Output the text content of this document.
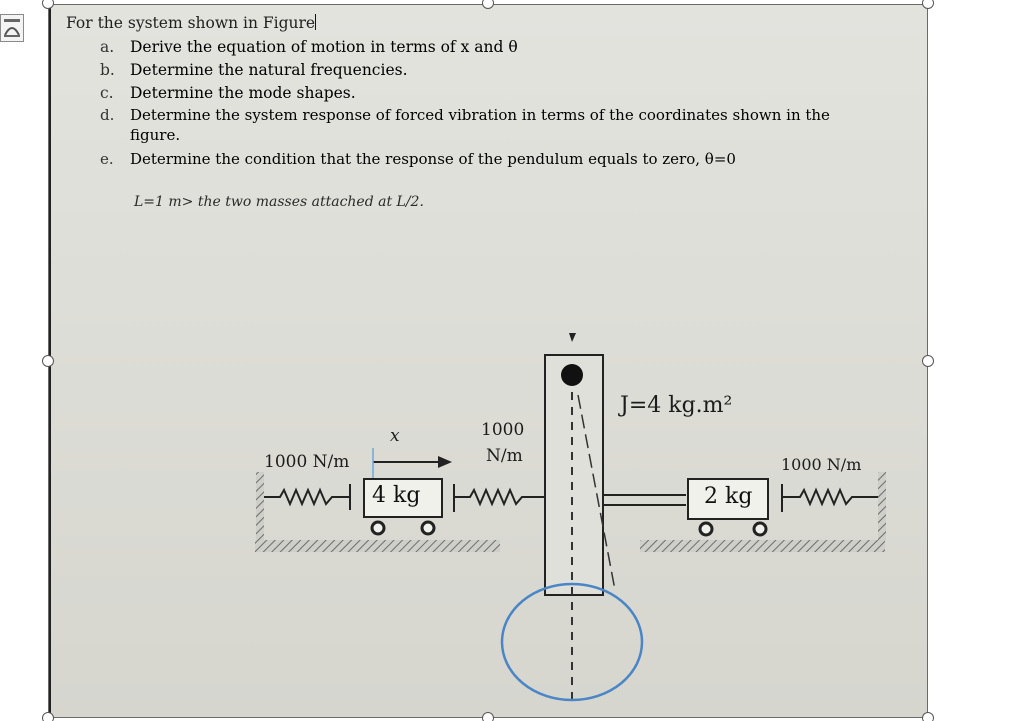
For the system shown in Figure
a. Derive the equation of motion in terms of x and θ
b. Determine the natural frequencies.
c. Determine the mode shapes.
d. Determine the system response of forced vibration in terms of the coordinates shown in the
figure.
e. Determine the condition that the response of the pendulum equals to zero, θ=0
L=1 m> the two masses attached at L/2.
1000 N/m
x	1000
N/m
4 kg
J=4 kg.m²
1000 N/m
2 kg
